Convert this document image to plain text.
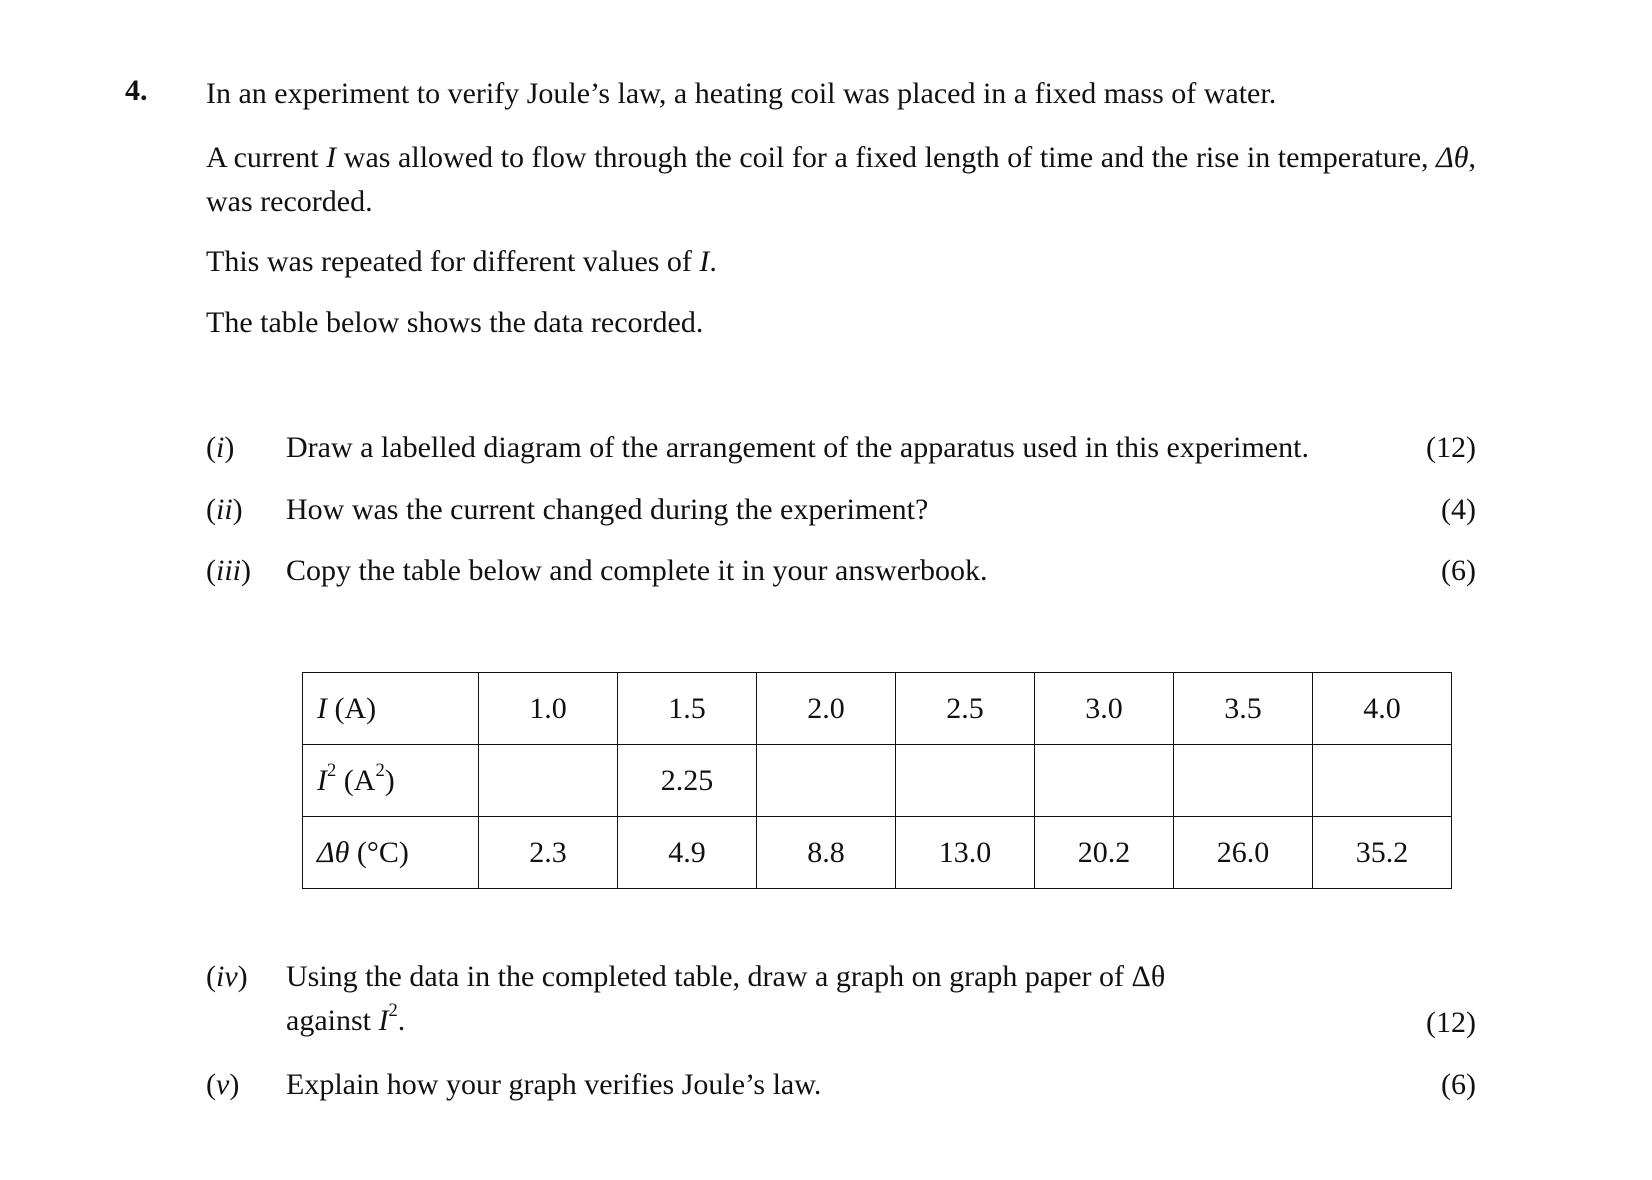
4. In an experiment to verify Joule’s law, a heating coil was placed in a fixed mass of water.
A current I was allowed to flow through the coil for a fixed length of time and the rise in temperature, Δθ, was recorded.
This was repeated for different values of I.
The table below shows the data recorded.
(i) Draw a labelled diagram of the arrangement of the apparatus used in this experiment.	(12)
(ii) How was the current changed during the experiment?	(4)
(iii) Copy the table below and complete it in your answerbook.	(6)
I (A)	1.0	1.5	2.0	2.5	3.0	3.5	4.0
$I^2$ $(A^2)$		2.25					
Δθ (°C)	2.3	4.9	8.8	13.0	20.2	26.0	35.2
(iv) Using the data in the completed table, draw a graph on graph paper of Δθ
against $I^2$.	(12)
(v) Explain how your graph verifies Joule’s law.	(6)
